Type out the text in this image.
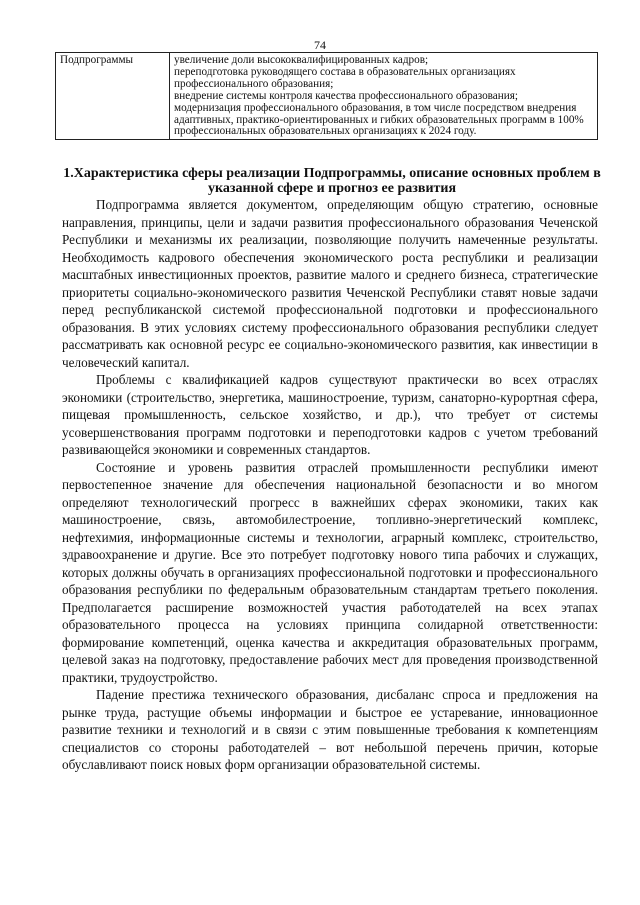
74
Подпрограммы	увеличение доли высококвалифицированных кадров;
переподготовка руководящего состава в образовательных организациях профессионального образования;
внедрение системы контроля качества профессионального образования;
модернизация профессионального образования, в том числе посредством внедрения адаптивных, практико-ориентированных и гибких образовательных программ в 100% профессиональных образовательных организациях к 2024 году.
1.Характеристика сферы реализации Подпрограммы, описание основных проблем в указанной сфере и прогноз ее развития

Подпрограмма является документом, определяющим общую стратегию, основные направления, принципы, цели и задачи развития профессионального образования Чеченской Республики и механизмы их реализации, позволяющие получить намеченные результаты. Необходимость кадрового обеспечения экономического роста республики и реализации масштабных инвестиционных проектов, развитие малого и среднего бизнеса, стратегические приоритеты социально-экономического развития Чеченской Республики ставят новые задачи перед республиканской системой профессиональной подготовки и профессионального образования. В этих условиях систему профессионального образования республики следует рассматривать как основной ресурс ее социально-экономического развития, как инвестиции в человеческий капитал.

Проблемы с квалификацией кадров существуют практически во всех отраслях экономики (строительство, энергетика, машиностроение, туризм, санаторно-курортная сфера, пищевая промышленность, сельское хозяйство, и др.), что требует от системы усовершенствования программ подготовки и переподготовки кадров с учетом требований развивающейся экономики и современных стандартов.

Состояние и уровень развития отраслей промышленности республики имеют первостепенное значение для обеспечения национальной безопасности и во многом определяют технологический прогресс в важнейших сферах экономики, таких как машиностроение, связь, автомобилестроение, топливно-энергетический комплекс, нефтехимия, информационные системы и технологии, аграрный комплекс, строительство, здравоохранение и другие. Все это потребует подготовку нового типа рабочих и служащих, которых должны обучать в организациях профессиональной подготовки и профессионального образования республики по федеральным образовательным стандартам третьего поколения. Предполагается расширение возможностей участия работодателей на всех этапах образовательного процесса на условиях принципа солидарной ответственности: формирование компетенций, оценка качества и аккредитация образовательных программ, целевой заказ на подготовку, предоставление рабочих мест для проведения производственной практики, трудоустройство.

Падение престижа технического образования, дисбаланс спроса и предложения на рынке труда, растущие объемы информации и быстрое ее устаревание, инновационное развитие техники и технологий и в связи с этим повышенные требования к компетенциям специалистов со стороны работодателей – вот небольшой перечень причин, которые обуславливают поиск новых форм организации образовательной системы.
